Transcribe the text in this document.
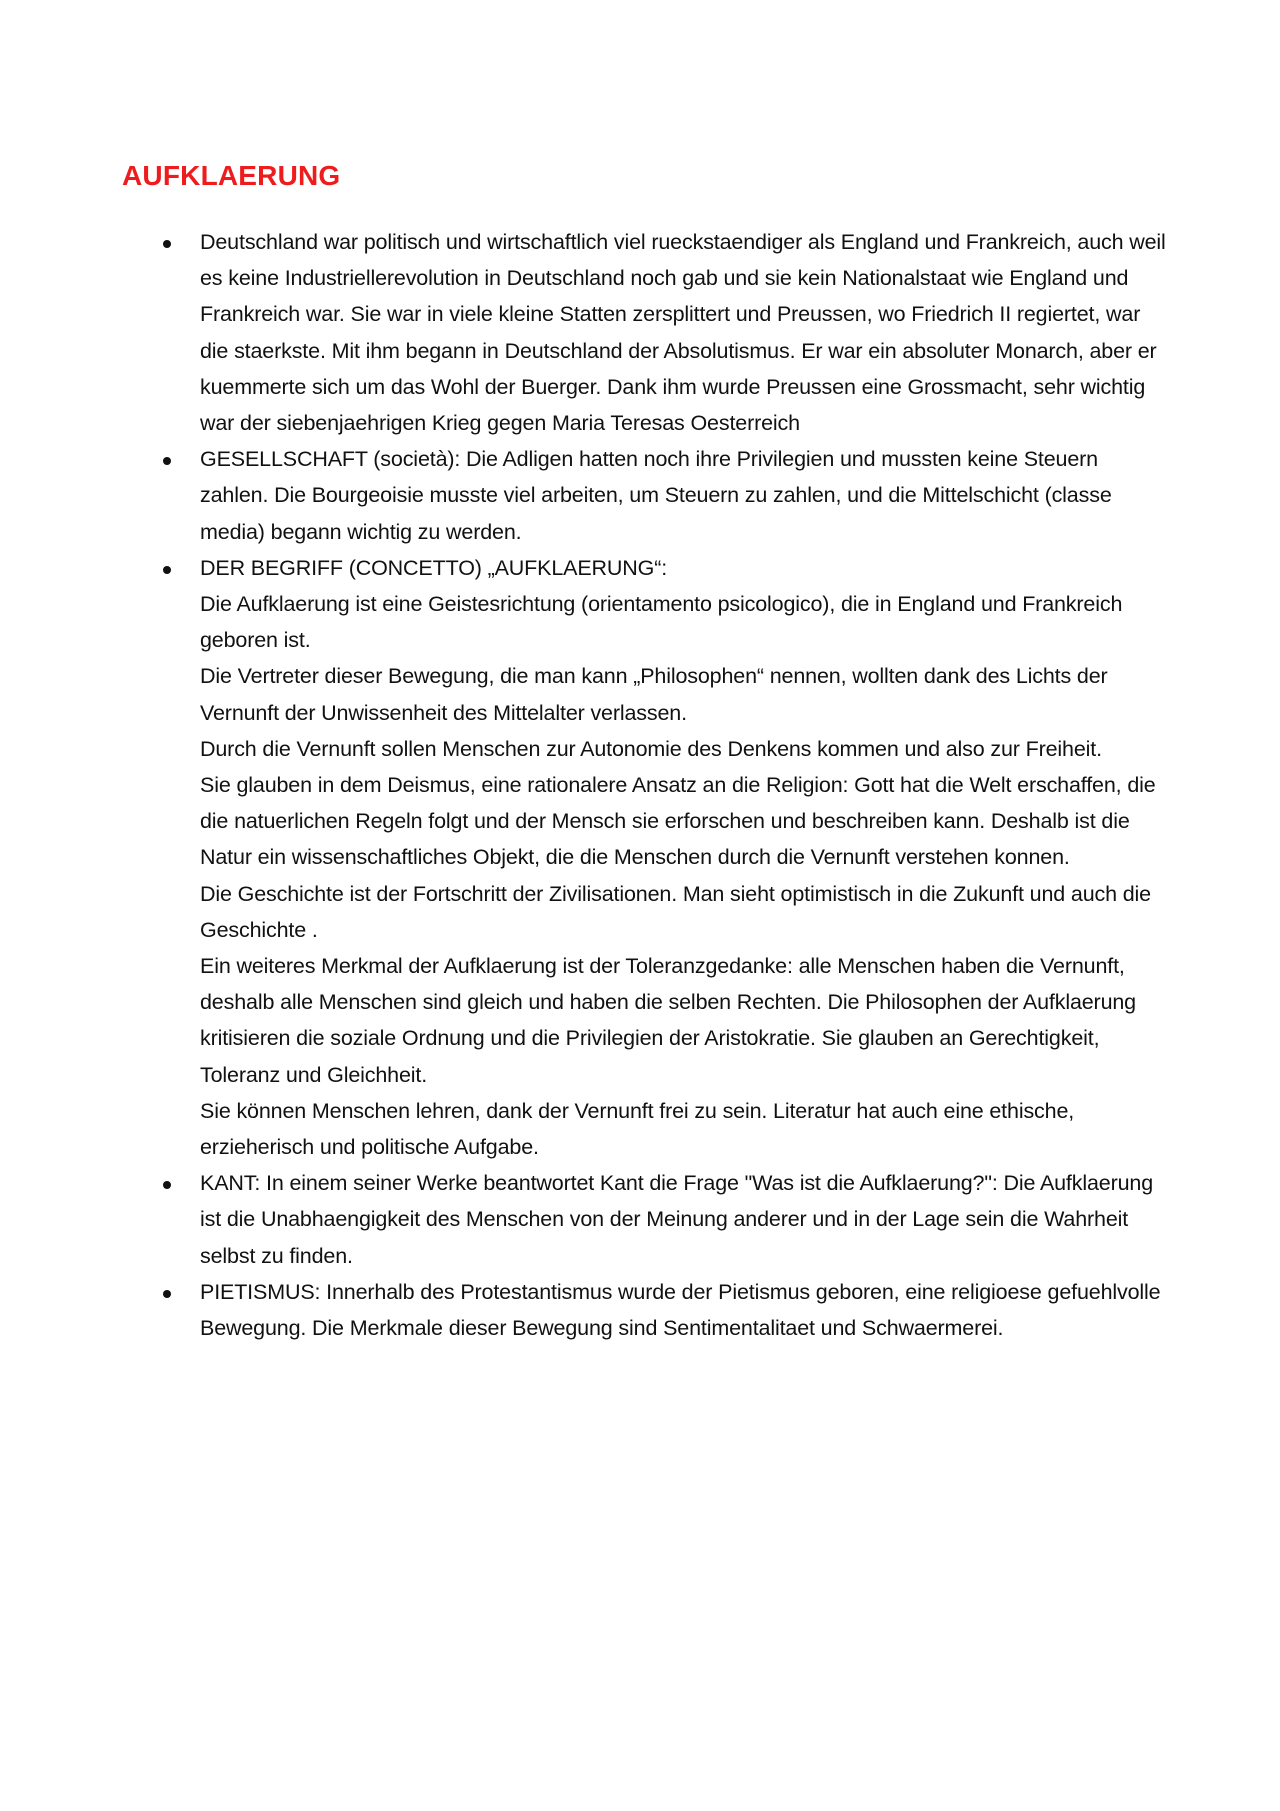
AUFKLAERUNG

Deutschland war politisch und wirtschaftlich viel rueckstaendiger als England und Frankreich, auch weil es keine Industriellerevolution in Deutschland noch gab und sie kein Nationalstaat wie England und Frankreich war. Sie war in viele kleine Statten zersplittert und Preussen, wo Friedrich II regiertet, war die staerkste. Mit ihm begann in Deutschland der Absolutismus. Er war ein absoluter Monarch, aber er kuemmerte sich um das Wohl der Buerger. Dank ihm wurde Preussen eine Grossmacht, sehr wichtig war der siebenjaehrigen Krieg gegen Maria Teresas Oesterreich

GESELLSCHAFT (società): Die Adligen hatten noch ihre Privilegien und mussten keine Steuern zahlen. Die Bourgeoisie musste viel arbeiten, um Steuern zu zahlen, und die Mittelschicht (classe media) begann wichtig zu werden.

DER BEGRIFF (CONCETTO) „AUFKLAERUNG“:

Die Aufklaerung ist eine Geistesrichtung (orientamento psicologico), die in England und Frankreich geboren ist.

Die Vertreter dieser Bewegung, die man kann „Philosophen“ nennen, wollten dank des Lichts der Vernunft der Unwissenheit des Mittelalter verlassen.

Durch die Vernunft sollen Menschen zur Autonomie des Denkens kommen und also zur Freiheit.

Sie glauben in dem Deismus, eine rationalere Ansatz an die Religion: Gott hat die Welt erschaffen, die die natuerlichen Regeln folgt und der Mensch sie erforschen und beschreiben kann. Deshalb ist die Natur ein wissenschaftliches Objekt, die die Menschen durch die Vernunft verstehen konnen.

Die Geschichte ist der Fortschritt der Zivilisationen. Man sieht optimistisch in die Zukunft und auch die Geschichte .

Ein weiteres Merkmal der Aufklaerung ist der Toleranzgedanke: alle Menschen haben die Vernunft, deshalb alle Menschen sind gleich und haben die selben Rechten. Die Philosophen der Aufklaerung kritisieren die soziale Ordnung und die Privilegien der Aristokratie. Sie glauben an Gerechtigkeit, Toleranz und Gleichheit.

Sie können Menschen lehren, dank der Vernunft frei zu sein. Literatur hat auch eine ethische, erzieherisch und politische Aufgabe.

KANT: In einem seiner Werke beantwortet Kant die Frage "Was ist die Aufklaerung?": Die Aufklaerung ist die Unabhaengigkeit des Menschen von der Meinung anderer und in der Lage sein die Wahrheit selbst zu finden.

PIETISMUS: Innerhalb des Protestantismus wurde der Pietismus geboren, eine religioese gefuehlvolle Bewegung. Die Merkmale dieser Bewegung sind Sentimentalitaet und Schwaermerei.
